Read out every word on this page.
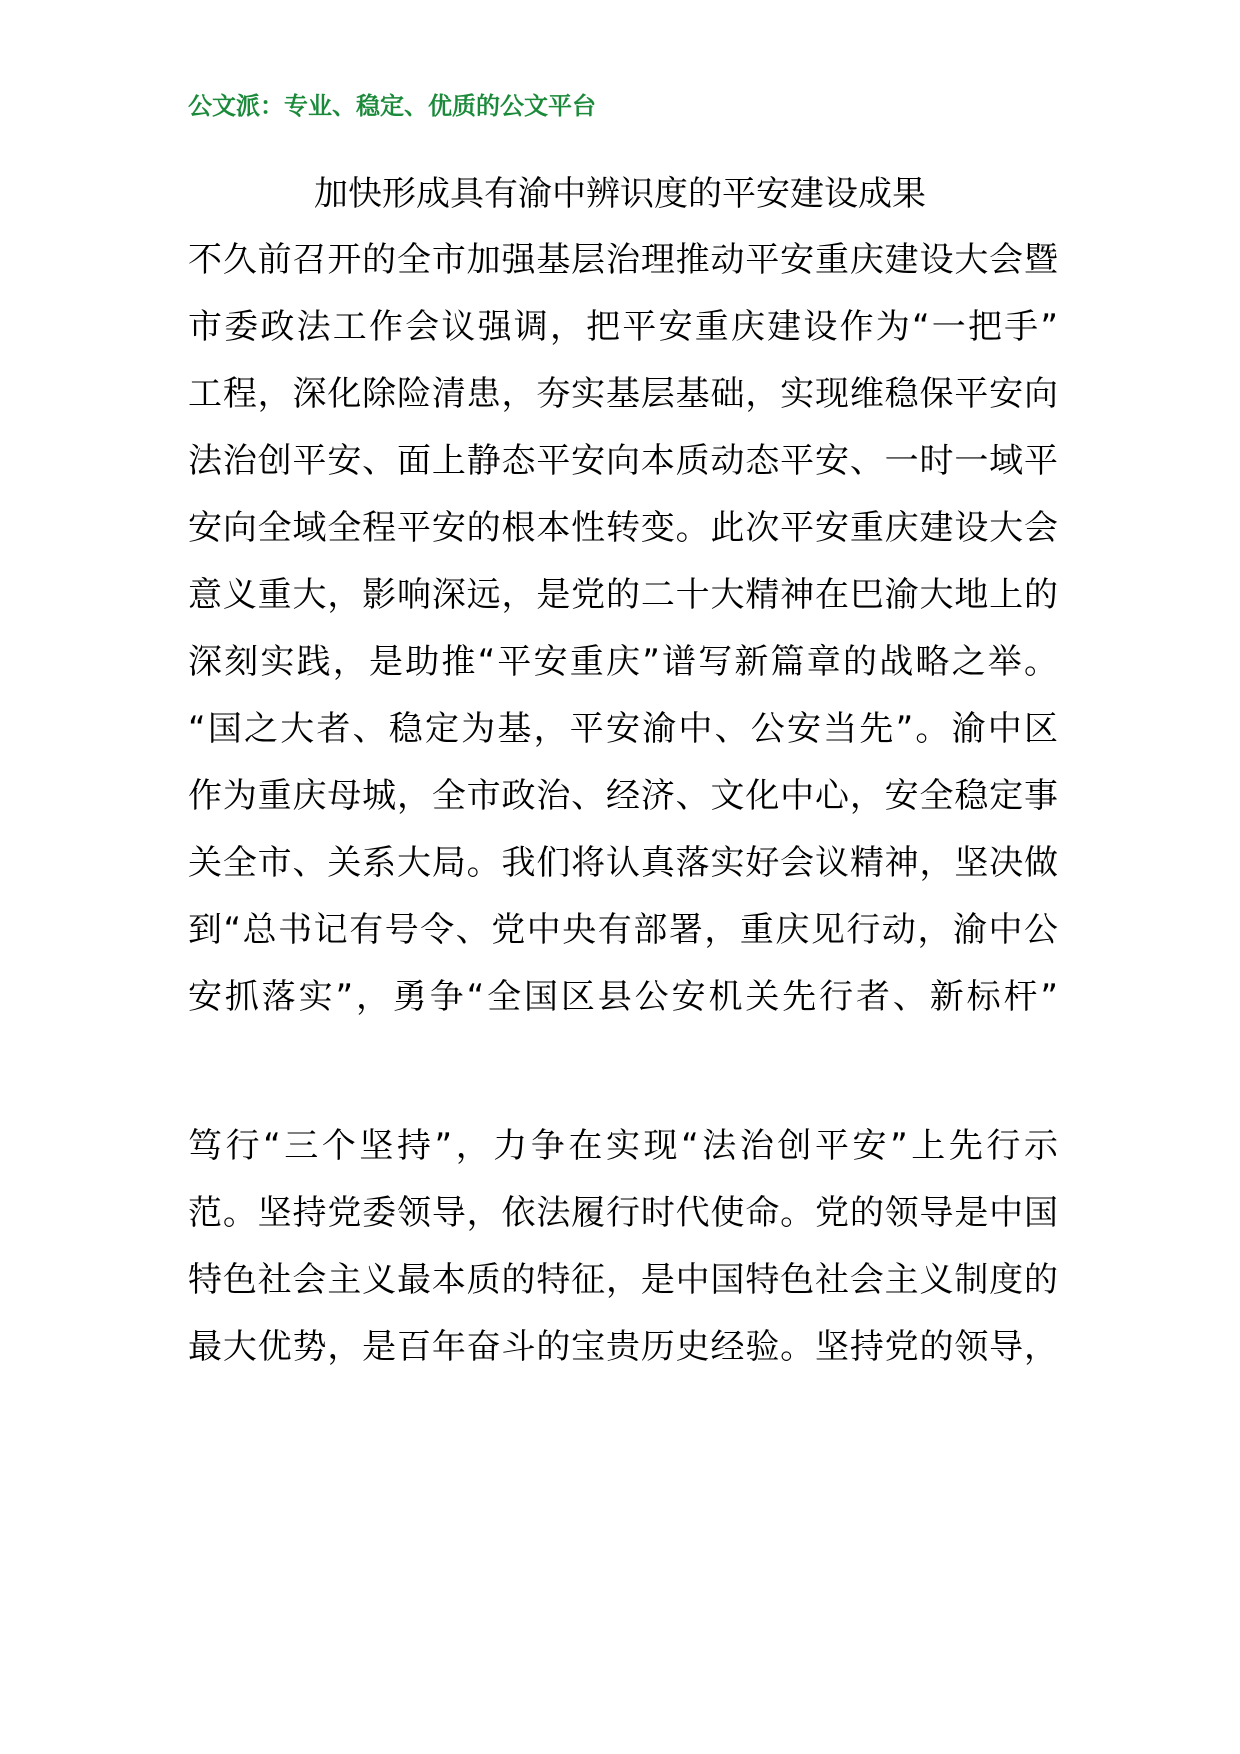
公文派：专业、稳定、优质的公文平台
加快形成具有渝中辨识度的平安建设成果
不久前召开的全市加强基层治理推动平安重庆建设大会暨
市委政法工作会议强调，把平安重庆建设作为“一把手”
工程，深化除险清患，夯实基层基础，实现维稳保平安向
法治创平安、面上静态平安向本质动态平安、一时一域平
安向全域全程平安的根本性转变。此次平安重庆建设大会
意义重大，影响深远，是党的二十大精神在巴渝大地上的
深刻实践，是助推“平安重庆”谱写新篇章的战略之举。
“国之大者、稳定为基，平安渝中、公安当先”。渝中区
作为重庆母城，全市政治、经济、文化中心，安全稳定事
关全市、关系大局。我们将认真落实好会议精神，坚决做
到“总书记有号令、党中央有部署，重庆见行动，渝中公
安抓落实”，勇争“全国区县公安机关先行者、新标杆”
笃行“三个坚持”，力争在实现“法治创平安”上先行示
范。坚持党委领导，依法履行时代使命。党的领导是中国
特色社会主义最本质的特征，是中国特色社会主义制度的
最大优势，是百年奋斗的宝贵历史经验。坚持党的领导，
